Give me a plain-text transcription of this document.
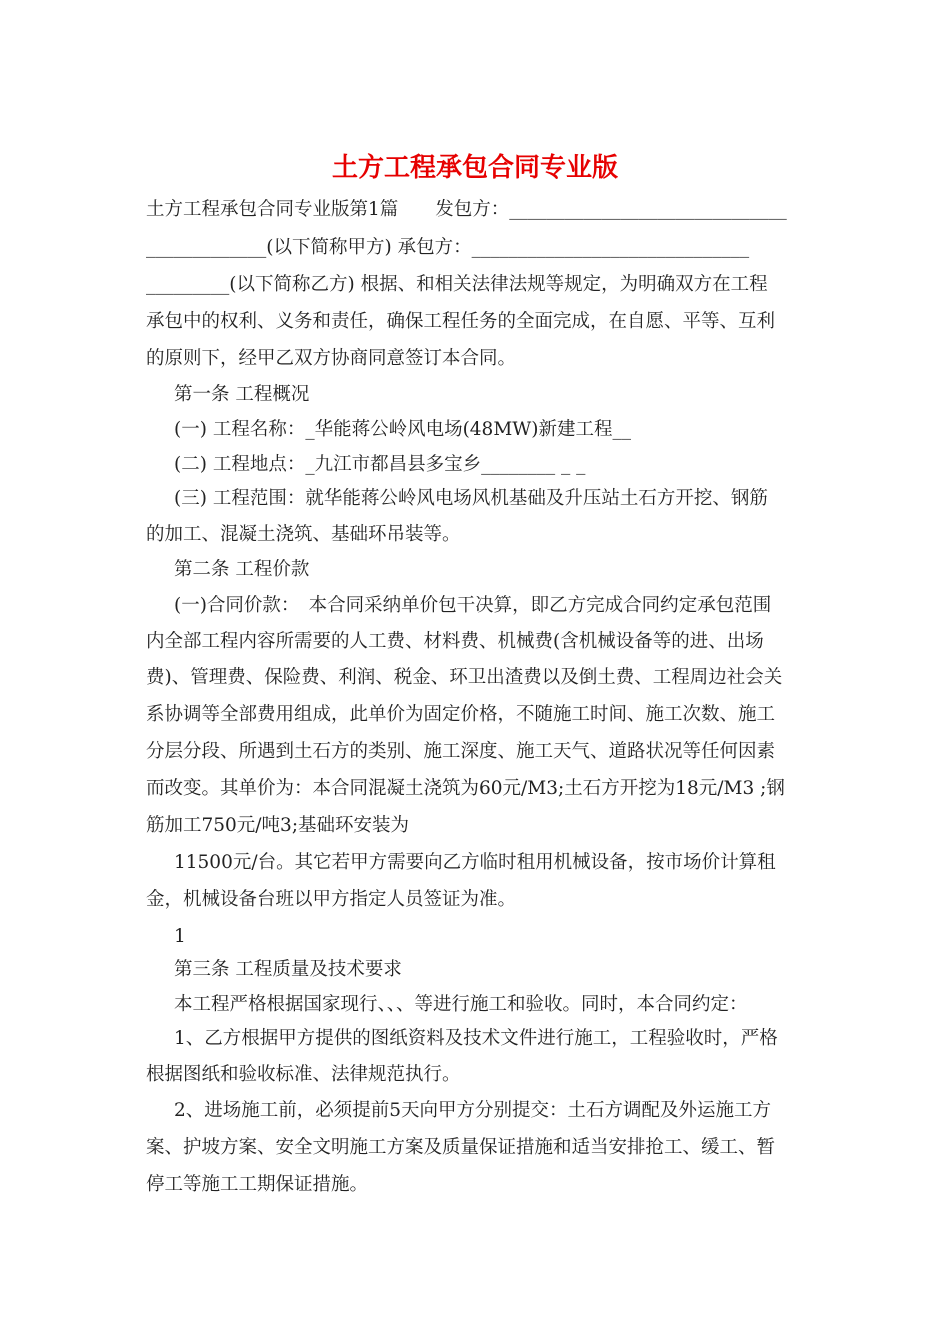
土方工程承包合同专业版
土方工程承包合同专业版第1篇　　发包方：______________________________
_____________(以下简称甲方) 承包方：______________________________
_________(以下简称乙方) 根据、和相关法律法规等规定，为明确双方在工程
承包中的权利、义务和责任，确保工程任务的全面完成，在自愿、平等、互利
的原则下，经甲乙双方协商同意签订本合同。
第一条 工程概况
(一) 工程名称：_华能蒋公岭风电场(48MW)新建工程__
(二) 工程地点：_九江市都昌县多宝乡________ _ _
(三) 工程范围：就华能蒋公岭风电场风机基础及升压站土石方开挖、钢筋
的加工、混凝土浇筑、基础环吊装等。
第二条 工程价款
(一)合同价款：　本合同采纳单价包干决算，即乙方完成合同约定承包范围
内全部工程内容所需要的人工费、材料费、机械费(含机械设备等的进、出场
费)、管理费、保险费、利润、税金、环卫出渣费以及倒土费、工程周边社会关
系协调等全部费用组成，此单价为固定价格，不随施工时间、施工次数、施工
分层分段、所遇到土石方的类别、施工深度、施工天气、道路状况等任何因素
而改变。其单价为：本合同混凝土浇筑为60元/M3;土石方开挖为18元/M3 ;钢
筋加工750元/吨3;基础环安装为
11500元/台。其它若甲方需要向乙方临时租用机械设备，按市场价计算租
金，机械设备台班以甲方指定人员签证为准。
1
第三条 工程质量及技术要求
本工程严格根据国家现行、、、等进行施工和验收。同时，本合同约定：
1、乙方根据甲方提供的图纸资料及技术文件进行施工，工程验收时，严格
根据图纸和验收标准、法律规范执行。
2、进场施工前，必须提前5天向甲方分别提交：土石方调配及外运施工方
案、护坡方案、安全文明施工方案及质量保证措施和适当安排抢工、缓工、暂
停工等施工工期保证措施。
